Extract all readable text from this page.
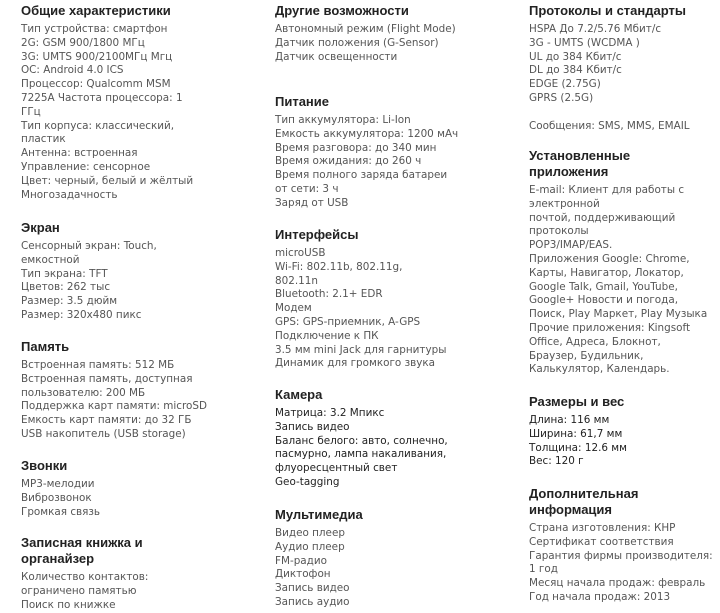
Общие характеристики
Тип устройства: смартфон
2G: GSM 900/1800 МГц
3G: UMTS 900/2100МГц Мгц
ОС: Android 4.0 ICS
Процессор: Qualcomm MSM
7225A Частота процессора: 1
ГГц
Тип корпуса: классический,
пластик
Антенна: встроенная
Управление: сенсорное
Цвет: черный, белый и жёлтый
Многозадачность
Экран
Сенсорный экран: Touch,
емкостной
Тип экрана: TFT
Цветов: 262 тыс
Размер: 3.5 дюйм
Размер: 320x480 пикс
Память
Встроенная память: 512 МБ
Встроенная память, доступная
пользователю: 200 МБ
Поддержка карт памяти: microSD
Емкость карт памяти: до 32 ГБ
USB накопитель (USB storage)
Звонки
MP3-мелодии
Виброзвонок
Громкая связь
Записная книжка и
органайзер
Количество контактов:
ограничено памятью
Поиск по книжке
Другие возможности
Автономный режим (Flight Mode)
Датчик положения (G-Sensor)
Датчик освещенности
Питание
Тип аккумулятора: Li-Ion
Емкость аккумулятора: 1200 мАч
Время разговора: до 340 мин
Время ожидания: до 260 ч
Время полного заряда батареи
от сети: 3 ч
Заряд от USB
Интерфейсы
microUSB
Wi-Fi: 802.11b, 802.11g,
802.11n
Bluetooth: 2.1+ EDR
Модем
GPS: GPS-приемник, A-GPS
Подключение к ПК
3.5 мм mini Jack для гарнитуры
Динамик для громкого звука
Камера
Матрица: 3.2 Мпикс
Запись видео
Баланс белого: авто, солнечно,
пасмурно, лампа накаливания,
флуоресцентный свет
Geo-tagging
Мультимедиа
Видео плеер
Аудио плеер
FM-радио
Диктофон
Запись видео
Запись аудио
Протоколы и стандарты
HSPA До 7.2/5.76 Мбит/с
3G - UMTS (WCDMA )
UL до 384 Кбит/с
DL до 384 Кбит/с
EDGE (2.75G)
GPRS (2.5G)
Сообщения: SMS, MMS, EMAIL
Установленные
приложения
E-mail: Клиент для работы с
электронной
почтой, поддерживающий
протоколы
POP3/IMAP/EAS.
Приложения Google: Chrome,
Карты, Навигатор, Локатор,
Google Talk, Gmail, YouTube,
Google+ Новости и погода,
Поиск, Play Маркет, Play Музыка
Прочие приложения: Kingsoft
Office, Адреса, Блокнот,
Браузер, Будильник,
Калькулятор, Календарь.
Размеры и вес
Длина: 116 мм
Ширина: 61,7 мм
Толщина: 12.6 мм
Вес: 120 г
Дополнительная
информация
Страна изготовления: КНР
Сертификат соответствия
Гарантия фирмы производителя:
1 год
Месяц начала продаж: февраль
Год начала продаж: 2013
